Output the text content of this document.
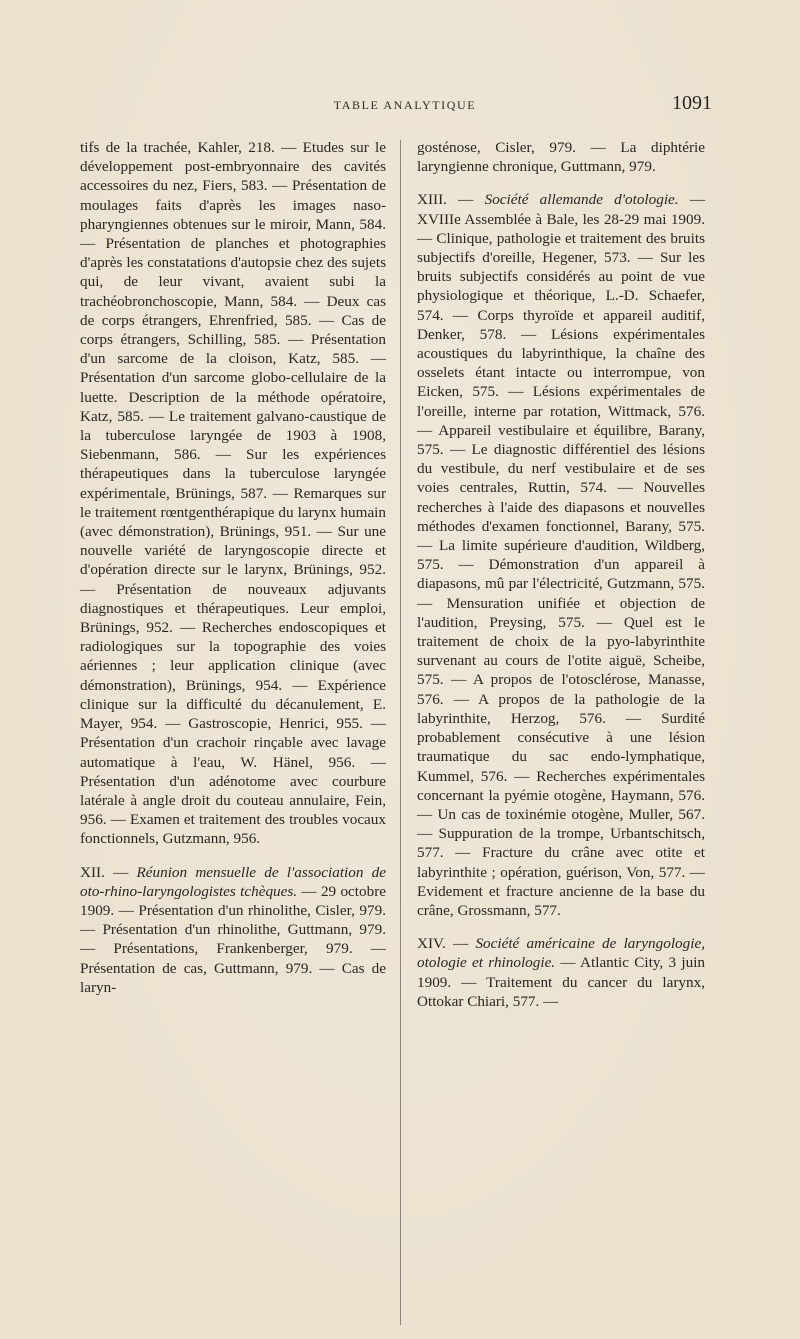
TABLE ANALYTIQUE	1091

tifs de la trachée, Kahler, 218. — Etudes sur le développement post-embryonnaire des cavités accessoires du nez, Fiers, 583. — Présentation de moulages faits d'après les images naso-pharyngiennes obtenues sur le miroir, Mann, 584. — Présentation de planches et photographies d'après les constatations d'autopsie chez des sujets qui, de leur vivant, avaient subi la trachéobronchoscopie, Mann, 584. — Deux cas de corps étrangers, Ehrenfried, 585. — Cas de corps étrangers, Schilling, 585. — Présentation d'un sarcome de la cloison, Katz, 585. — Présentation d'un sarcome globo-cellulaire de la luette. Description de la méthode opératoire, Katz, 585. — Le traitement galvano-caustique de la tuberculose laryngée de 1903 à 1908, Siebenmann, 586. — Sur les expériences thérapeutiques dans la tuberculose laryngée expérimentale, Brünings, 587. — Remarques sur le traitement rœntgenthérapique du larynx humain (avec démonstration), Brünings, 951. — Sur une nouvelle variété de laryngoscopie directe et d'opération directe sur le larynx, Brünings, 952. — Présentation de nouveaux adjuvants diagnostiques et thérapeutiques. Leur emploi, Brünings, 952. — Recherches endoscopiques et radiologiques sur la topographie des voies aériennes ; leur application clinique (avec démonstration), Brünings, 954. — Expérience clinique sur la difficulté du décanulement, E. Mayer, 954. — Gastroscopie, Henrici, 955. — Présentation d'un crachoir rinçable avec lavage automatique à l'eau, W. Hänel, 956. — Présentation d'un adénotome avec courbure latérale à angle droit du couteau annulaire, Fein, 956. — Examen et traitement des troubles vocaux fonctionnels, Gutzmann, 956.

XII. — Réunion mensuelle de l'association de oto-rhino-laryngologistes tchèques. — 29 octobre 1909. — Présentation d'un rhinolithe, Cisler, 979. — Présentation d'un rhinolithe, Guttmann, 979. — Présentations, Frankenberger, 979. — Présentation de cas, Guttmann, 979. — Cas de laryn-

gosténose, Cisler, 979. — La diphtérie laryngienne chronique, Guttmann, 979.

XIII. — Société allemande d'otologie. — XVIIIe Assemblée à Bale, les 28-29 mai 1909. — Clinique, pathologie et traitement des bruits subjectifs d'oreille, Hegener, 573. — Sur les bruits subjectifs considérés au point de vue physiologique et théorique, L.-D. Schaefer, 574. — Corps thyroïde et appareil auditif, Denker, 578. — Lésions expérimentales acoustiques du labyrinthique, la chaîne des osselets étant intacte ou interrompue, von Eicken, 575. — Lésions expérimentales de l'oreille, interne par rotation, Wittmack, 576. — Appareil vestibulaire et équilibre, Barany, 575. — Le diagnostic différentiel des lésions du vestibule, du nerf vestibulaire et de ses voies centrales, Ruttin, 574. — Nouvelles recherches à l'aide des diapasons et nouvelles méthodes d'examen fonctionnel, Barany, 575. — La limite supérieure d'audition, Wildberg, 575. — Démonstration d'un appareil à diapasons, mû par l'électricité, Gutzmann, 575. — Mensuration unifiée et objection de l'audition, Preysing, 575. — Quel est le traitement de choix de la pyo-labyrinthite survenant au cours de l'otite aiguë, Scheibe, 575. — A propos de l'otosclérose, Manasse, 576. — A propos de la pathologie de la labyrinthite, Herzog, 576. — Surdité probablement consécutive à une lésion traumatique du sac endo-lymphatique, Kummel, 576. — Recherches expérimentales concernant la pyémie otogène, Haymann, 576. — Un cas de toxinémie otogène, Muller, 567. — Suppuration de la trompe, Urbantschitsch, 577. — Fracture du crâne avec otite et labyrinthite ; opération, guérison, Von, 577. — Evidement et fracture ancienne de la base du crâne, Grossmann, 577.

XIV. — Société américaine de laryngologie, otologie et rhinologie. — Atlantic City, 3 juin 1909. — Traitement du cancer du larynx, Ottokar Chiari, 577. —
